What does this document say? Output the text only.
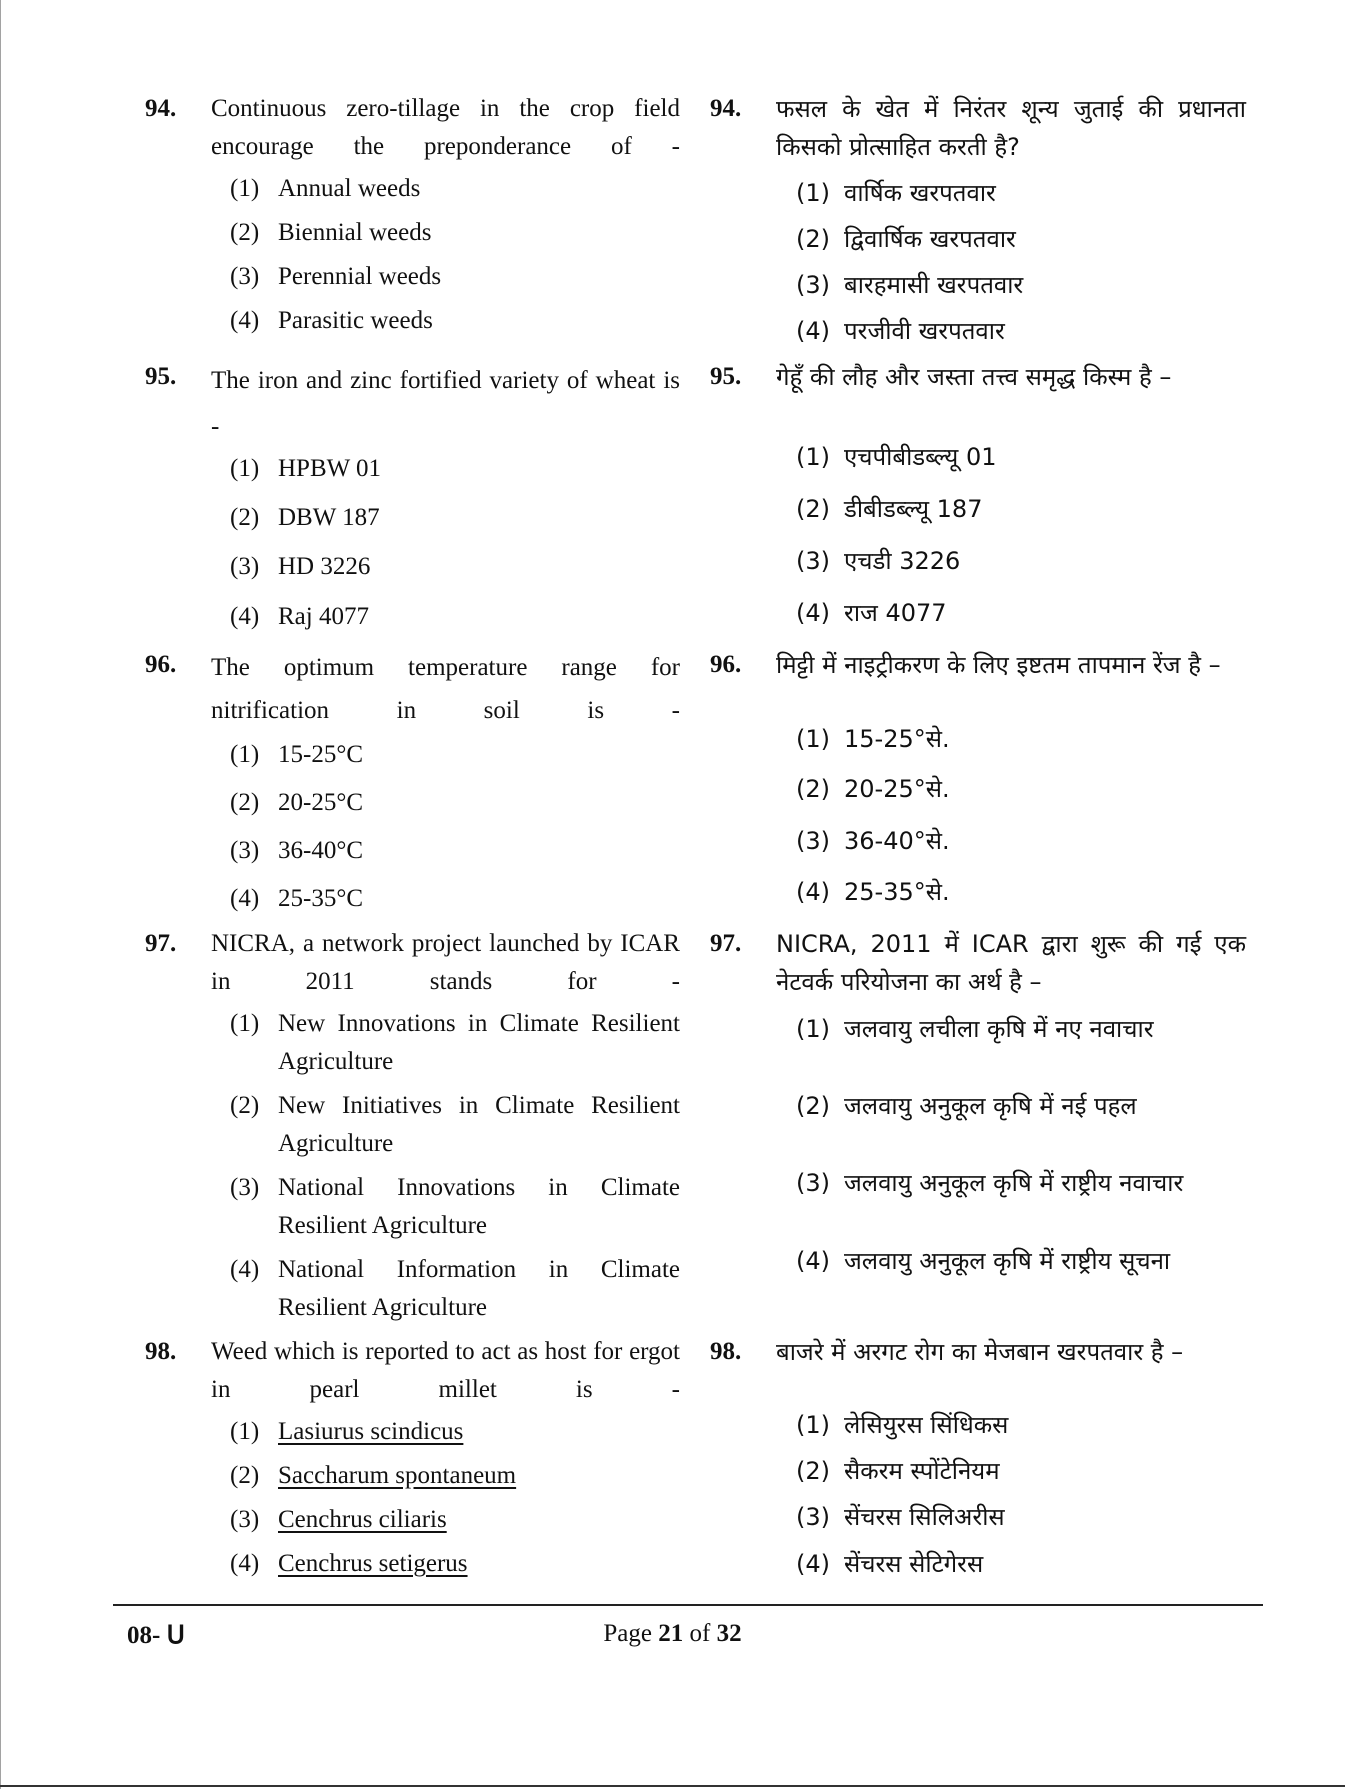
94. Continuous zero-tillage in the crop field encourage the preponderance of -
(1) Annual weeds
(2) Biennial weeds
(3) Perennial weeds
(4) Parasitic weeds
94. फसल के खेत में निरंतर शून्य जुताई की प्रधानता किसको प्रोत्साहित करती है?
(1) वार्षिक खरपतवार
(2) द्विवार्षिक खरपतवार
(3) बारहमासी खरपतवार
(4) परजीवी खरपतवार
95. The iron and zinc fortified variety of wheat is -
(1) HPBW 01
(2) DBW 187
(3) HD 3226
(4) Raj 4077
95. गेहूँ की लौह और जस्ता तत्त्व समृद्ध किस्म है –
(1) एचपीबीडब्ल्यू 01
(2) डीबीडब्ल्यू 187
(3) एचडी 3226
(4) राज 4077
96. The optimum temperature range for nitrification in soil is -
(1) 15-25°C
(2) 20-25°C
(3) 36-40°C
(4) 25-35°C
96. मिट्टी में नाइट्रीकरण के लिए इष्टतम तापमान रेंज है –
(1) 15-25°से.
(2) 20-25°से.
(3) 36-40°से.
(4) 25-35°से.
97. NICRA, a network project launched by ICAR in 2011 stands for -
(1) New Innovations in Climate Resilient Agriculture
(2) New Initiatives in Climate Resilient Agriculture
(3) National Innovations in Climate Resilient Agriculture
(4) National Information in Climate Resilient Agriculture
97. NICRA, 2011 में ICAR द्वारा शुरू की गई एक नेटवर्क परियोजना का अर्थ है –
(1) जलवायु लचीला कृषि में नए नवाचार
(2) जलवायु अनुकूल कृषि में नई पहल
(3) जलवायु अनुकूल कृषि में राष्ट्रीय नवाचार
(4) जलवायु अनुकूल कृषि में राष्ट्रीय सूचना
98. Weed which is reported to act as host for ergot in pearl millet is -
(1) Lasiurus scindicus
(2) Saccharum spontaneum
(3) Cenchrus ciliaris
(4) Cenchrus setigerus
98. बाजरे में अरगट रोग का मेजबान खरपतवार है –
(1) लेसियुरस सिंधिकस
(2) सैकरम स्पोंटेनियम
(3) सेंचरस सिलिअरीस
(4) सेंचरस सेटिगेरस
08- ᑌ	Page 21 of 32
